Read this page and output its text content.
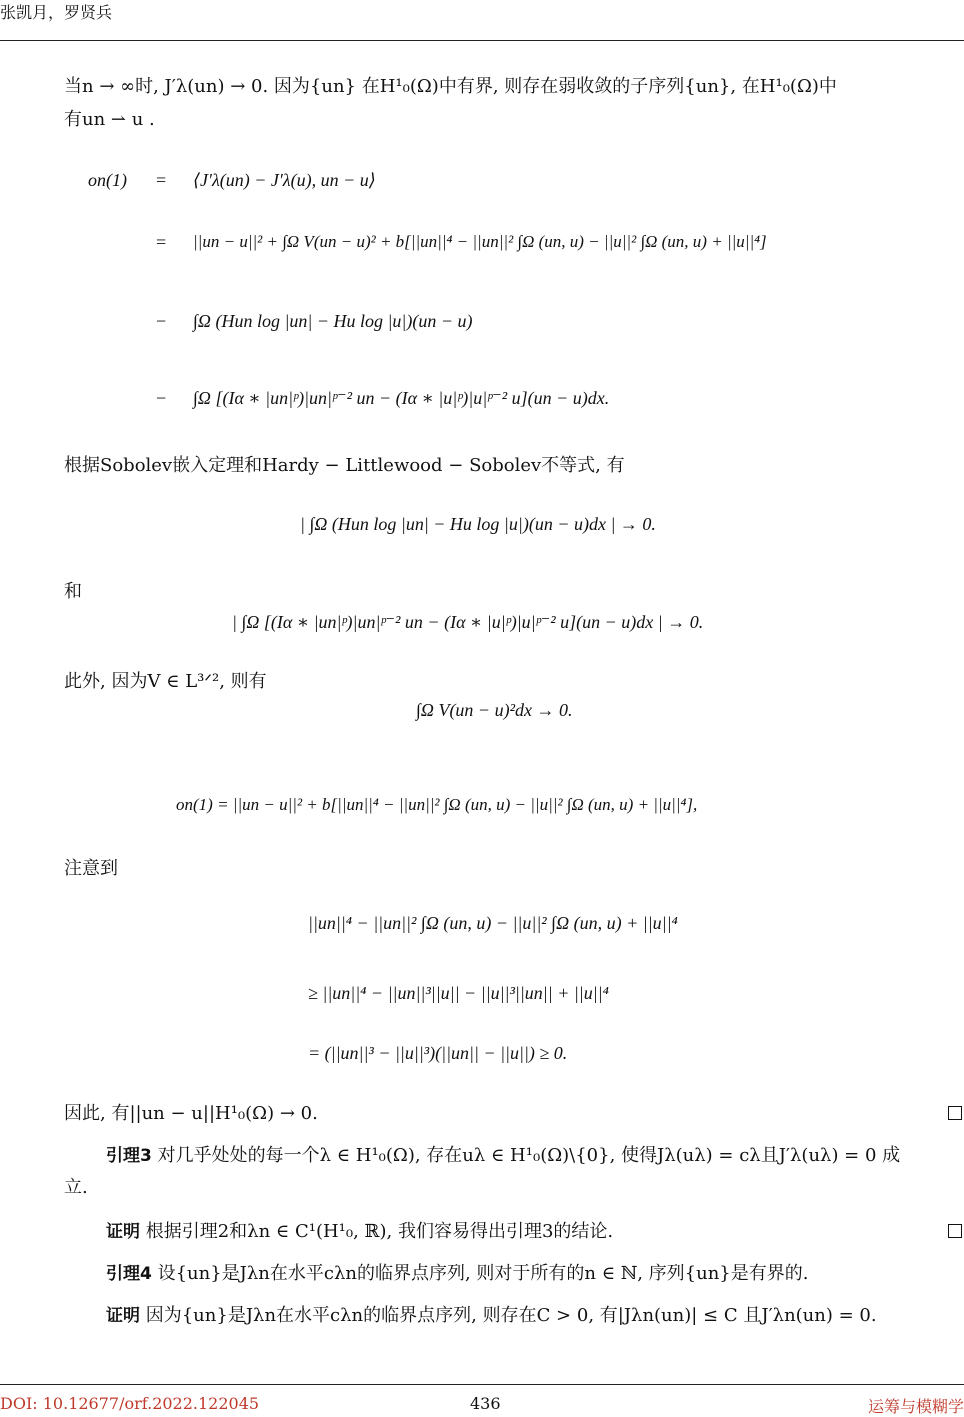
张凯月，罗贤兵
当n → ∞时, J′λ(un) → 0. 因为{un} 在H¹₀(Ω)中有界, 则存在弱收敛的子序列{un}, 在H¹₀(Ω)中
有un ⇀ u .
on(1) = ⟨J′λ(un) − J′λ(u), un − u⟩
= ||un − u||² + ∫Ω V(un − u)² + b[||un||⁴ − ||un||² ∫Ω (un, u) − ||u||² ∫Ω (un, u) + ||u||⁴]
− ∫Ω (Hun log |un| − Hu log |u|)(un − u)
− ∫Ω [(Iα ∗ |un|ᵖ)|un|ᵖ⁻² un − (Iα ∗ |u|ᵖ)|u|ᵖ⁻² u](un − u)dx.
根据Sobolev嵌入定理和Hardy − Littlewood − Sobolev不等式, 有
| ∫Ω (Hun log |un| − Hu log |u|)(un − u)dx | → 0.
和
| ∫Ω [(Iα ∗ |un|ᵖ)|un|ᵖ⁻² un − (Iα ∗ |u|ᵖ)|u|ᵖ⁻² u](un − u)dx | → 0.
此外, 因为V ∈ L³ᐟ², 则有
∫Ω V(un − u)²dx → 0.
on(1) = ||un − u||² + b[||un||⁴ − ||un||² ∫Ω (un, u) − ||u||² ∫Ω (un, u) + ||u||⁴],
注意到
||un||⁴ − ||un||² ∫Ω (un, u) − ||u||² ∫Ω (un, u) + ||u||⁴
≥ ||un||⁴ − ||un||³||u|| − ||u||³||un|| + ||u||⁴
= (||un||³ − ||u||³)(||un|| − ||u||) ≥ 0.
因此, 有||un − u||H¹₀(Ω) → 0.
引理3 对几乎处处的每一个λ ∈ H¹₀(Ω), 存在uλ ∈ H¹₀(Ω)\{0}, 使得Jλ(uλ) = cλ且J′λ(uλ) = 0 成
立.
证明 根据引理2和λn ∈ C¹(H¹₀, ℝ), 我们容易得出引理3的结论.
引理4 设{un}是Jλn在水平cλn的临界点序列, 则对于所有的n ∈ ℕ, 序列{un}是有界的.
证明 因为{un}是Jλn在水平cλn的临界点序列, 则存在C > 0, 有|Jλn(un)| ≤ C 且J′λn(un) = 0.
DOI: 10.12677/orf.2022.122045	436	运筹与模糊学
